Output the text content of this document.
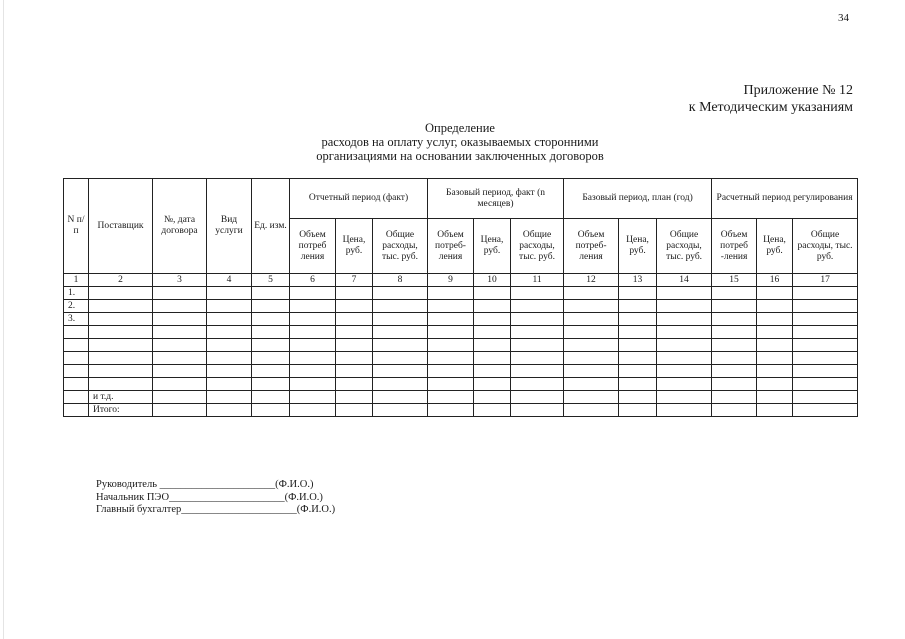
34
Приложение № 12
к Методическим указаниям
Определение
расходов на оплату услуг, оказываемых сторонними
организациями на основании заключенных договоров
N п/п	Поставщик	№, дата договора	Вид услуги	Ед. изм.	Отчетный период (факт)			Базовый период, факт (n месяцев)			Базовый период, план (год)			Расчетный период регулирования		
					Объем потреб ления	Цена, руб.	Общие расходы, тыс. руб.	Объем потреб-ления	Цена, руб.	Общие расходы, тыс. руб.	Объем потреб-ления	Цена, руб.	Общие расходы, тыс. руб.	Объем потреб -ления	Цена, руб.	Общие расходы, тыс. руб.
1	2	3	4	5	6	7	8	9	10	11	12	13	14	15	16	17
1.																
2.																
3.																

	и т.д.															
	Итого:															
Руководитель ______________________(Ф.И.О.)
Начальник ПЭО______________________(Ф.И.О.)
Главный бухгалтер______________________(Ф.И.О.)
